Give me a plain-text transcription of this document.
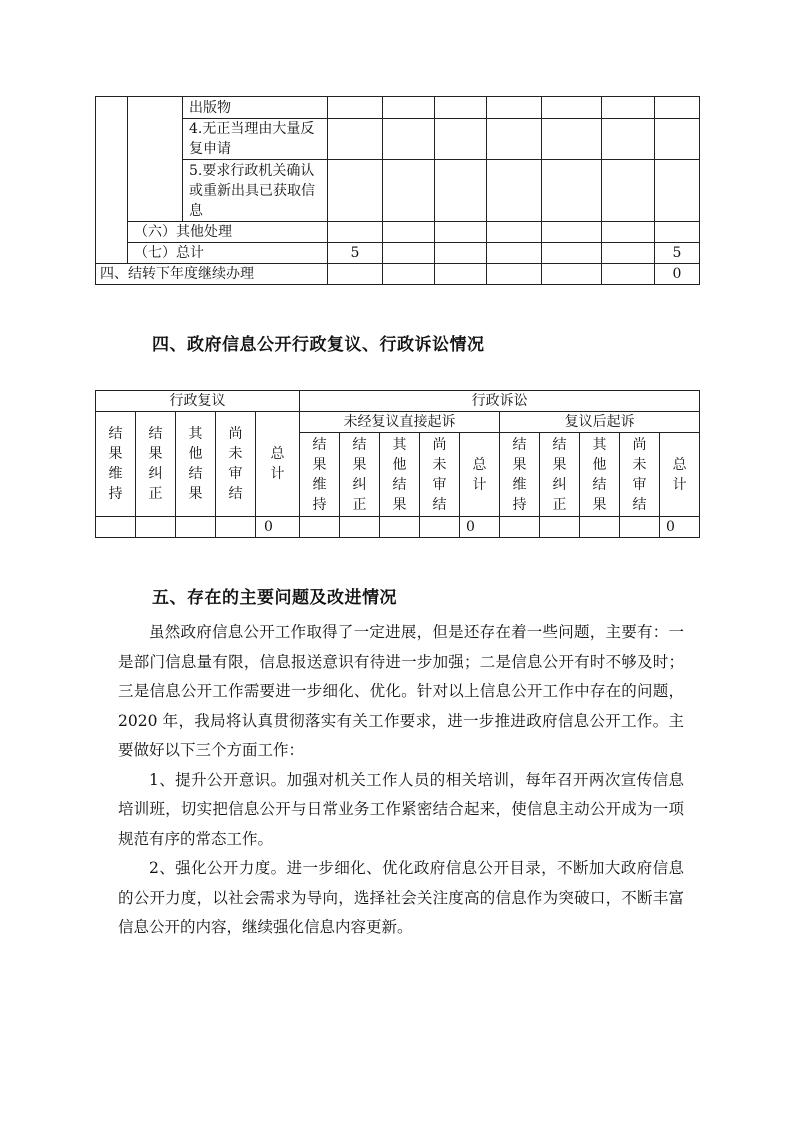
		出版物							
		4.无正当理由大量反复申请							
		5.要求行政机关确认或重新出具已获取信息							
	（六）其他处理								
	（七）总计		5						5
四、结转下年度继续办理									0
四、政府信息公开行政复议、行政诉讼情况
行政复议					行政诉讼									
结果维持	结果纠正	其他结果	尚未审结	总计	未经复议直接起诉					复议后起诉				
					结果维持	结果纠正	其他结果	尚未审结	总计	结果维持	结果纠正	其他结果	尚未审结	总计
				0					0					0
五、存在的主要问题及改进情况

虽然政府信息公开工作取得了一定进展，但是还存在着一些问题，主要有：一是部门信息量有限，信息报送意识有待进一步加强；二是信息公开有时不够及时；三是信息公开工作需要进一步细化、优化。针对以上信息公开工作中存在的问题，2020 年，我局将认真贯彻落实有关工作要求，进一步推进政府信息公开工作。主要做好以下三个方面工作：

1、提升公开意识。加强对机关工作人员的相关培训，每年召开两次宣传信息培训班，切实把信息公开与日常业务工作紧密结合起来，使信息主动公开成为一项规范有序的常态工作。

2、强化公开力度。进一步细化、优化政府信息公开目录，不断加大政府信息的公开力度，以社会需求为导向，选择社会关注度高的信息作为突破口，不断丰富信息公开的内容，继续强化信息内容更新。
